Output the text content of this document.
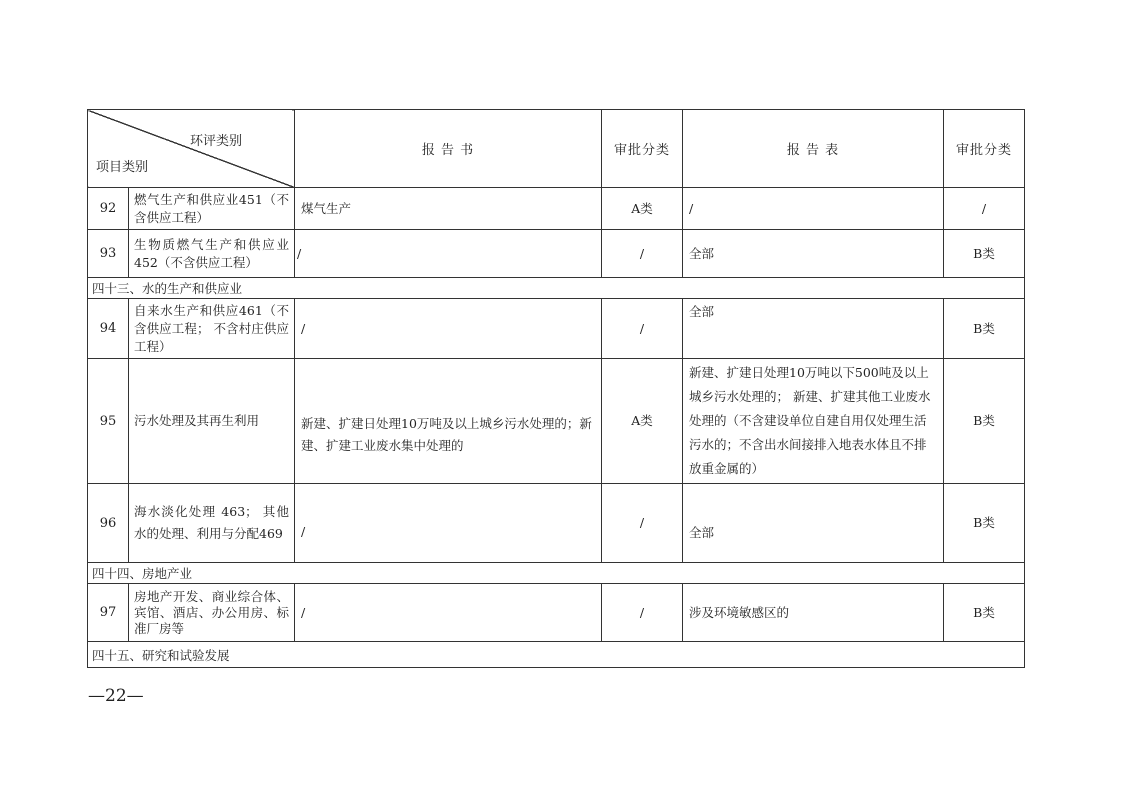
环评类别
项目类别		报 告 书	审批分类	报 告 表	审批分类
92	燃气生产和供应业451（不含供应工程）	煤气生产	A类	/	/
93	生物质燃气生产和供应业 452（不含供应工程）	/	/	全部	B类
四十三、水的生产和供应业					
94	自来水生产和供应461（不含供应工程； 不含村庄供应工程）	/	/	全部	B类
95	污水处理及其再生利用	新建、扩建日处理10万吨及以上城乡污水处理的；新建、扩建工业废水集中处理的	A类	新建、扩建日处理10万吨以下500吨及以上城乡污水处理的； 新建、扩建其他工业废水处理的（不含建设单位自建自用仅处理生活污水的；不含出水间接排入地表水体且不排放重金属的）	B类
96	海水淡化处理 463； 其他水的处理、利用与分配469	/	/	全部	B类
四十四、房地产业					
97	房地产开发、商业综合体、宾馆、酒店、办公用房、标准厂房等	/	/	涉及环境敏感区的	B类
四十五、研究和试验发展					
—22—
